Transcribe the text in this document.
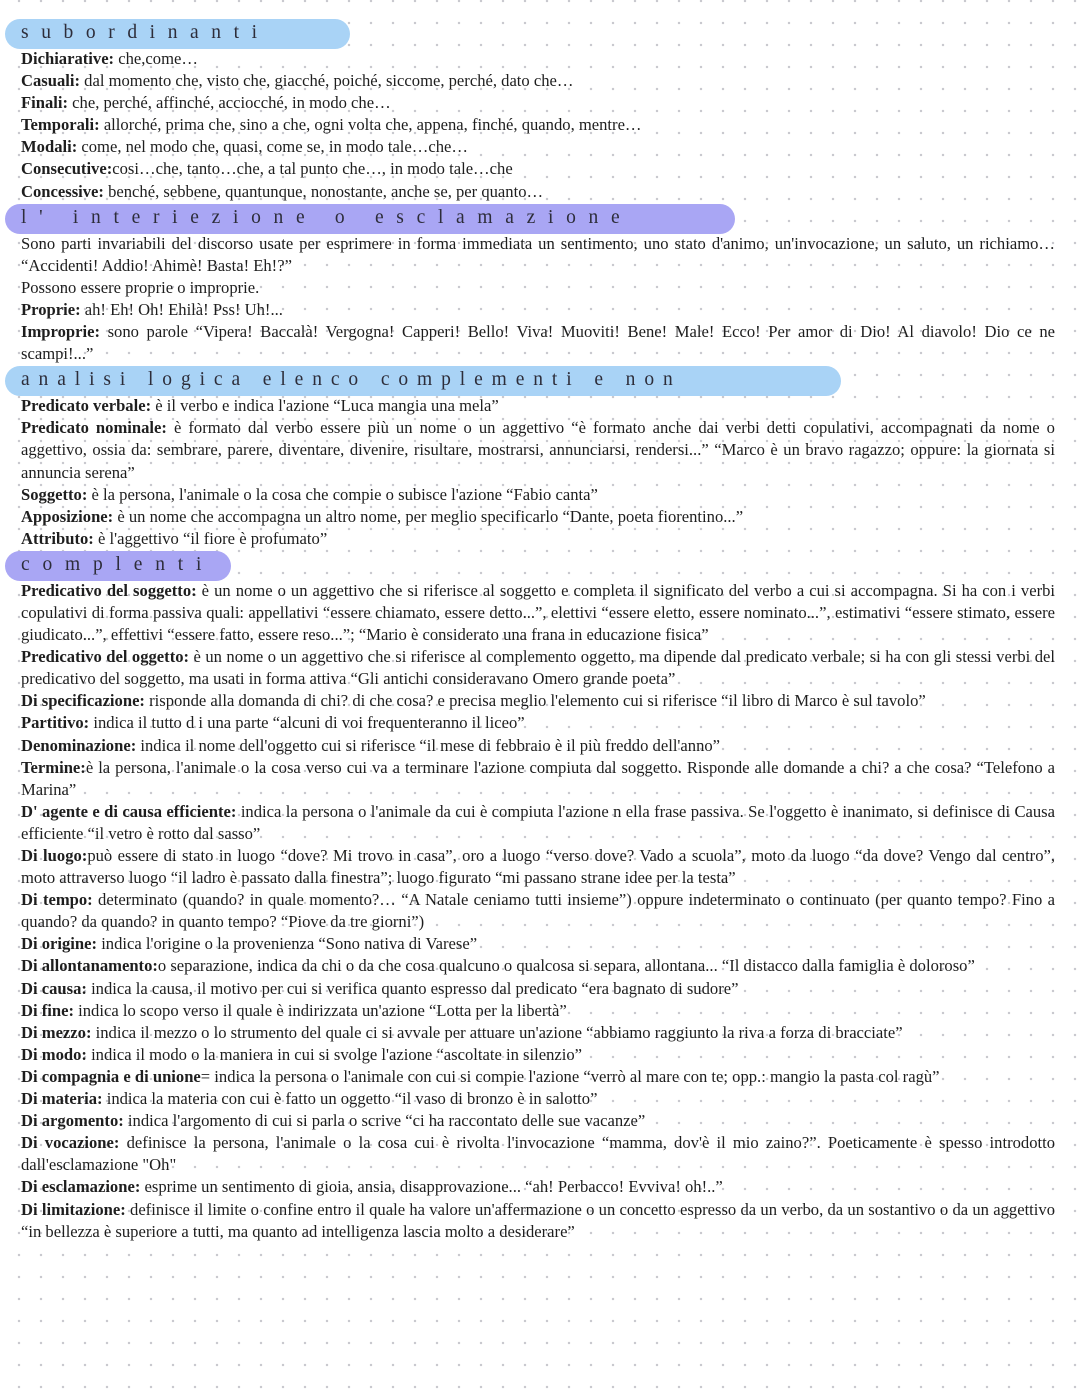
subordinanti

Dichiarative: che,come…

Casuali: dal momento che, visto che, giacché, poiché, siccome, perché, dato che…

Finali: che, perché, affinché, acciocché, in modo che…

Temporali: allorché, prima che, sino a che, ogni volta che, appena, finché, quando, mentre…

Modali: come, nel modo che, quasi, come se, in modo tale…che…

Consecutive:cosi…che, tanto…che, a tal punto che…, in modo tale…che

Concessive: benché, sebbene, quantunque, nonostante, anche se, per quanto…

l' interiezione o esclamazione

Sono parti invariabili del discorso usate per esprimere in forma immediata un sentimento, uno stato d'animo, un'invocazione, un saluto, un richiamo… “Accidenti! Addio! Ahimè! Basta! Eh!?”

Possono essere proprie o improprie.

Proprie: ah! Eh! Oh! Ehilà! Pss! Uh!...

Improprie: sono parole “Vipera! Baccalà! Vergogna! Capperi! Bello! Viva! Muoviti! Bene! Male! Ecco! Per amor di Dio! Al diavolo! Dio ce ne scampi!...”

analisi logica elenco complementi e non

Predicato verbale: è il verbo e indica l'azione “Luca mangia una mela”

Predicato nominale: è formato dal verbo essere più un nome o un aggettivo “è formato anche dai verbi detti copulativi, accompagnati da nome o aggettivo, ossia da: sembrare, parere, diventare, divenire, risultare, mostrarsi, annunciarsi, rendersi...” “Marco è un bravo ragazzo; oppure: la giornata si annuncia serena”

Soggetto: è la persona, l'animale o la cosa che compie o subisce l'azione “Fabio canta”

Apposizione: è un nome che accompagna un altro nome, per meglio specificarlo “Dante, poeta fiorentino...”

Attributo: è l'aggettivo “il fiore è profumato”

complenti

Predicativo del soggetto: è un nome o un aggettivo che si riferisce al soggetto e completa il significato del verbo a cui si accompagna. Si ha con i verbi copulativi di forma passiva quali: appellativi “essere chiamato, essere detto...”, elettivi “essere eletto, essere nominato...”, estimativi “essere stimato, essere giudicato...”, effettivi “essere fatto, essere reso...”; “Mario è considerato una frana in educazione fisica”

Predicativo del oggetto: è un nome o un aggettivo che si riferisce al complemento oggetto, ma dipende dal predicato verbale; si ha con gli stessi verbi del predicativo del soggetto, ma usati in forma attiva “Gli antichi consideravano Omero grande poeta”

Di specificazione: risponde alla domanda di chi? di che cosa? e precisa meglio l'elemento cui si riferisce “il libro di Marco è sul tavolo”

Partitivo: indica il tutto d i una parte “alcuni di voi frequenteranno il liceo”

Denominazione: indica il nome dell'oggetto cui si riferisce “il mese di febbraio è il più freddo dell'anno”

Termine:è la persona, l'animale o la cosa verso cui va a terminare l'azione compiuta dal soggetto. Risponde alle domande a chi? a che cosa? “Telefono a Marina”

D' agente e di causa efficiente: indica la persona o l'animale da cui è compiuta l'azione n ella frase passiva. Se l'oggetto è inanimato, si definisce di Causa efficiente “il vetro è rotto dal sasso”

Di luogo:può essere di stato in luogo “dove? Mi trovo in casa”, oro a luogo “verso dove? Vado a scuola”, moto da luogo “da dove? Vengo dal centro”, moto attraverso luogo “il ladro è passato dalla finestra”; luogo figurato “mi passano strane idee per la testa”

Di tempo: determinato (quando? in quale momento?… “A Natale ceniamo tutti insieme”) oppure indeterminato o continuato (per quanto tempo? Fino a quando? da quando? in quanto tempo? “Piove da tre giorni”)

Di origine: indica l'origine o la provenienza “Sono nativa di Varese”

Di allontanamento:o separazione, indica da chi o da che cosa qualcuno o qualcosa si separa, allontana... “Il distacco dalla famiglia è doloroso”

Di causa: indica la causa, il motivo per cui si verifica quanto espresso dal predicato “era bagnato di sudore”

Di fine: indica lo scopo verso il quale è indirizzata un'azione “Lotta per la libertà”

Di mezzo: indica il mezzo o lo strumento del quale ci si avvale per attuare un'azione “abbiamo raggiunto la riva a forza di bracciate”

Di modo: indica il modo o la maniera in cui si svolge l'azione “ascoltate in silenzio”

Di compagnia e di unione= indica la persona o l'animale con cui si compie l'azione “verrò al mare con te; opp.: mangio la pasta col ragù”

Di materia: indica la materia con cui è fatto un oggetto “il vaso di bronzo è in salotto”

Di argomento: indica l'argomento di cui si parla o scrive “ci ha raccontato delle sue vacanze”

Di vocazione: definisce la persona, l'animale o la cosa cui è rivolta l'invocazione “mamma, dov'è il mio zaino?”. Poeticamente è spesso introdotto dall'esclamazione "Oh"

Di esclamazione: esprime un sentimento di gioia, ansia, disapprovazione... “ah! Perbacco! Evviva! oh!..”

Di limitazione: definisce il limite o confine entro il quale ha valore un'affermazione o un concetto espresso da un verbo, da un sostantivo o da un aggettivo “in bellezza è superiore a tutti, ma quanto ad intelligenza lascia molto a desiderare”
